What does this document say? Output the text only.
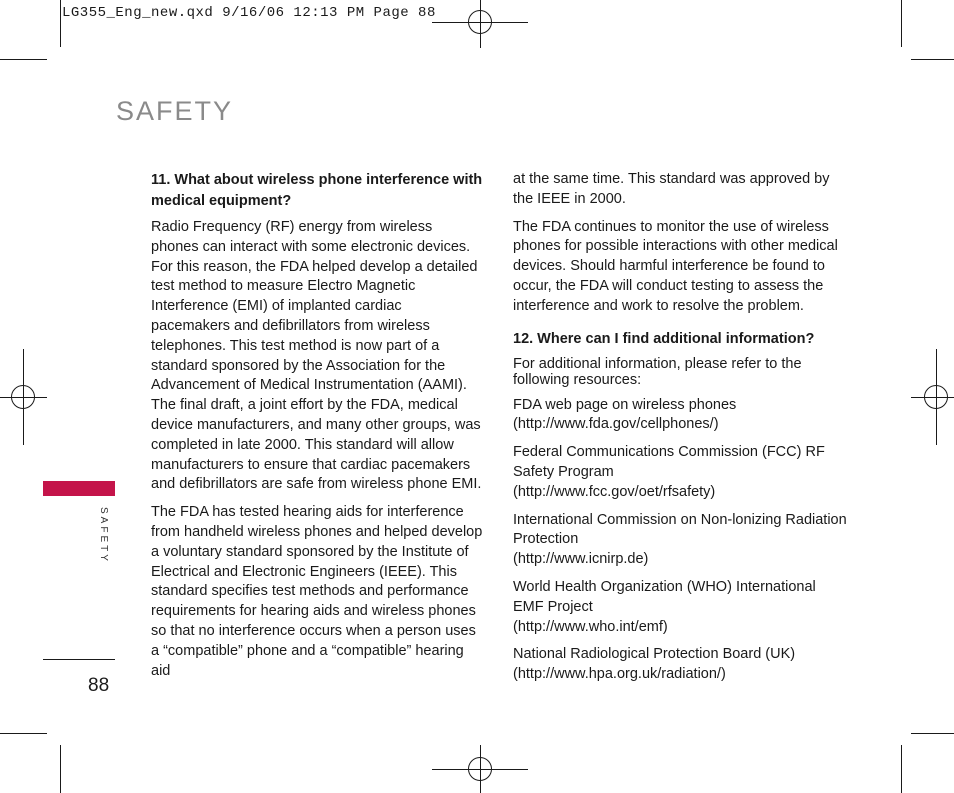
LG355_Eng_new.qxd 9/16/06 12:13 PM Page 88
SAFETY
11. What about wireless phone interference with medical equipment?

Radio Frequency (RF) energy from wireless phones can interact with some electronic devices. For this reason, the FDA helped develop a detailed test method to measure Electro Magnetic Interference (EMI) of implanted cardiac pacemakers and defibrillators from wireless telephones. This test method is now part of a standard sponsored by the Association for the Advancement of Medical Instrumentation (AAMI). The final draft, a joint effort by the FDA, medical device manufacturers, and many other groups, was completed in late 2000. This standard will allow manufacturers to ensure that cardiac pacemakers and defibrillators are safe from wireless phone EMI.

The FDA has tested hearing aids for interference from handheld wireless phones and helped develop a voluntary standard sponsored by the Institute of Electrical and Electronic Engineers (IEEE). This standard specifies test methods and performance requirements for hearing aids and wireless phones so that no interference occurs when a person uses a “compatible” phone and a “compatible” hearing aid

at the same time. This standard was approved by the IEEE in 2000.

The FDA continues to monitor the use of wireless phones for possible interactions with other medical devices. Should harmful interference be found to occur, the FDA will conduct testing to assess the interference and work to resolve the problem.

12. Where can I find additional information?

For additional information, please refer to the following resources:

FDA web page on wireless phones
(http://www.fda.gov/cellphones/)
Federal Communications Commission (FCC) RF Safety Program
(http://www.fcc.gov/oet/rfsafety)
International Commission on Non-lonizing Radiation Protection
(http://www.icnirp.de)
World Health Organization (WHO) International EMF Project
(http://www.who.int/emf)
National Radiological Protection Board (UK)
(http://www.hpa.org.uk/radiation/)
SAFETY
88
